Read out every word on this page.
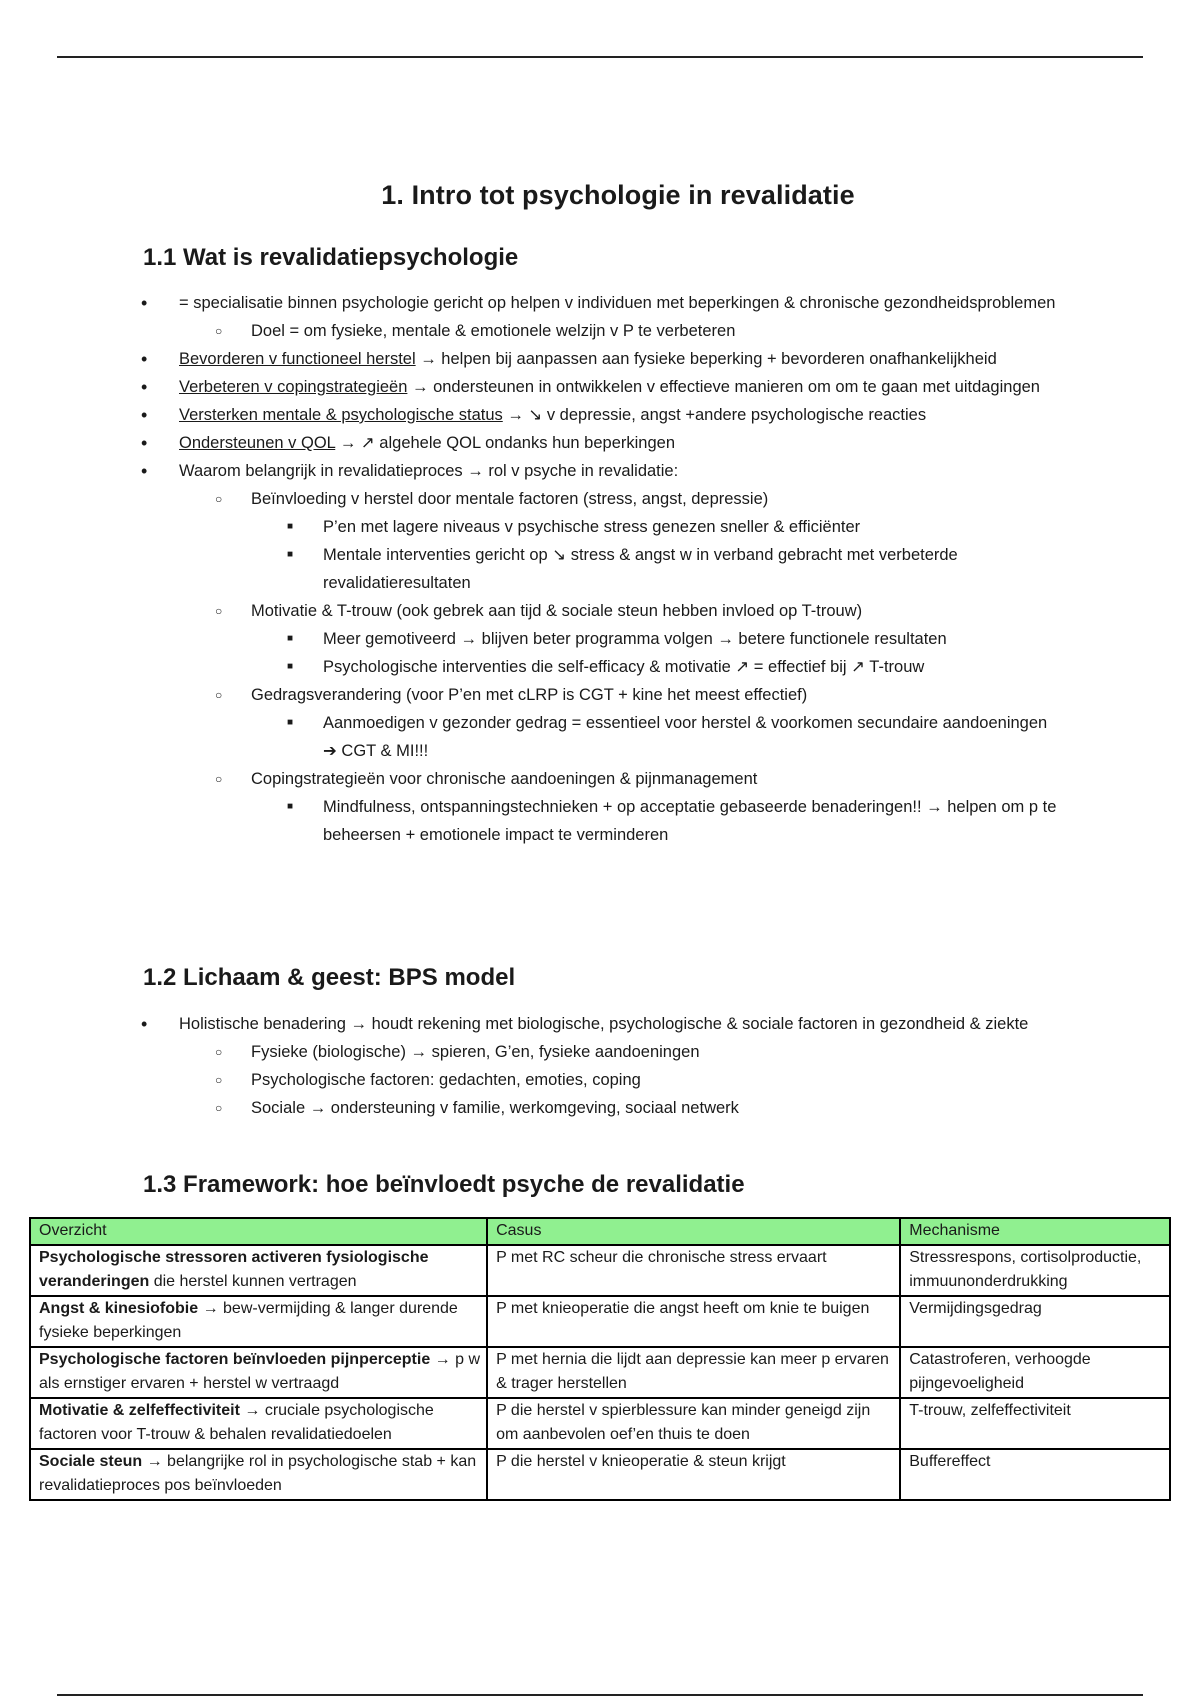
1. Intro tot psychologie in revalidatie
1.1 Wat is revalidatiepsychologie
• = specialisatie binnen psychologie gericht op helpen v individuen met beperkingen & chronische gezondheidsproblemen
○ Doel = om fysieke, mentale & emotionele welzijn v P te verbeteren
• Bevorderen v functioneel herstel → helpen bij aanpassen aan fysieke beperking + bevorderen onafhankelijkheid
• Verbeteren v copingstrategieën → ondersteunen in ontwikkelen v effectieve manieren om om te gaan met uitdagingen
• Versterken mentale & psychologische status → ↘ v depressie, angst +andere psychologische reacties
• Ondersteunen v QOL → ↗ algehele QOL ondanks hun beperkingen
• Waarom belangrijk in revalidatieproces → rol v psyche in revalidatie:
○ Beïnvloeding v herstel door mentale factoren (stress, angst, depressie)
■ P’en met lagere niveaus v psychische stress genezen sneller & efficiënter
■ Mentale interventies gericht op ↘ stress & angst w in verband gebracht met verbeterde revalidatieresultaten
○ Motivatie & T-trouw (ook gebrek aan tijd & sociale steun hebben invloed op T-trouw)
■ Meer gemotiveerd → blijven beter programma volgen → betere functionele resultaten
■ Psychologische interventies die self-efficacy & motivatie ↗ = effectief bij ↗ T-trouw
○ Gedragsverandering (voor P’en met cLRP is CGT + kine het meest effectief)
■ Aanmoedigen v gezonder gedrag = essentieel voor herstel & voorkomen secundaire aandoeningen ➔ CGT & MI!!!
○ Copingstrategieën voor chronische aandoeningen & pijnmanagement
■ Mindfulness, ontspanningstechnieken + op acceptatie gebaseerde benaderingen!! → helpen om p te beheersen + emotionele impact te verminderen
1.2 Lichaam & geest: BPS model
• Holistische benadering → houdt rekening met biologische, psychologische & sociale factoren in gezondheid & ziekte
○ Fysieke (biologische) → spieren, G’en, fysieke aandoeningen
○ Psychologische factoren: gedachten, emoties, coping
○ Sociale → ondersteuning v familie, werkomgeving, sociaal netwerk
1.3 Framework: hoe beïnvloedt psyche de revalidatie
Overzicht	Casus	Mechanisme
Psychologische stressoren activeren fysiologische veranderingen die herstel kunnen vertragen	P met RC scheur die chronische stress ervaart	Stressrespons, cortisolproductie, immuunonderdrukking
Angst & kinesiofobie → bew-vermijding & langer durende fysieke beperkingen	P met knieoperatie die angst heeft om knie te buigen	Vermijdingsgedrag
Psychologische factoren beïnvloeden pijnperceptie → p w als ernstiger ervaren + herstel w vertraagd	P met hernia die lijdt aan depressie kan meer p ervaren & trager herstellen	Catastroferen, verhoogde pijngevoeligheid
Motivatie & zelfeffectiviteit → cruciale psychologische factoren voor T-trouw & behalen revalidatiedoelen	P die herstel v spierblessure kan minder geneigd zijn om aanbevolen oef’en thuis te doen	T-trouw, zelfeffectiviteit
Sociale steun → belangrijke rol in psychologische stab + kan revalidatieproces pos beïnvloeden	P die herstel v knieoperatie & steun krijgt	Buffereffect
